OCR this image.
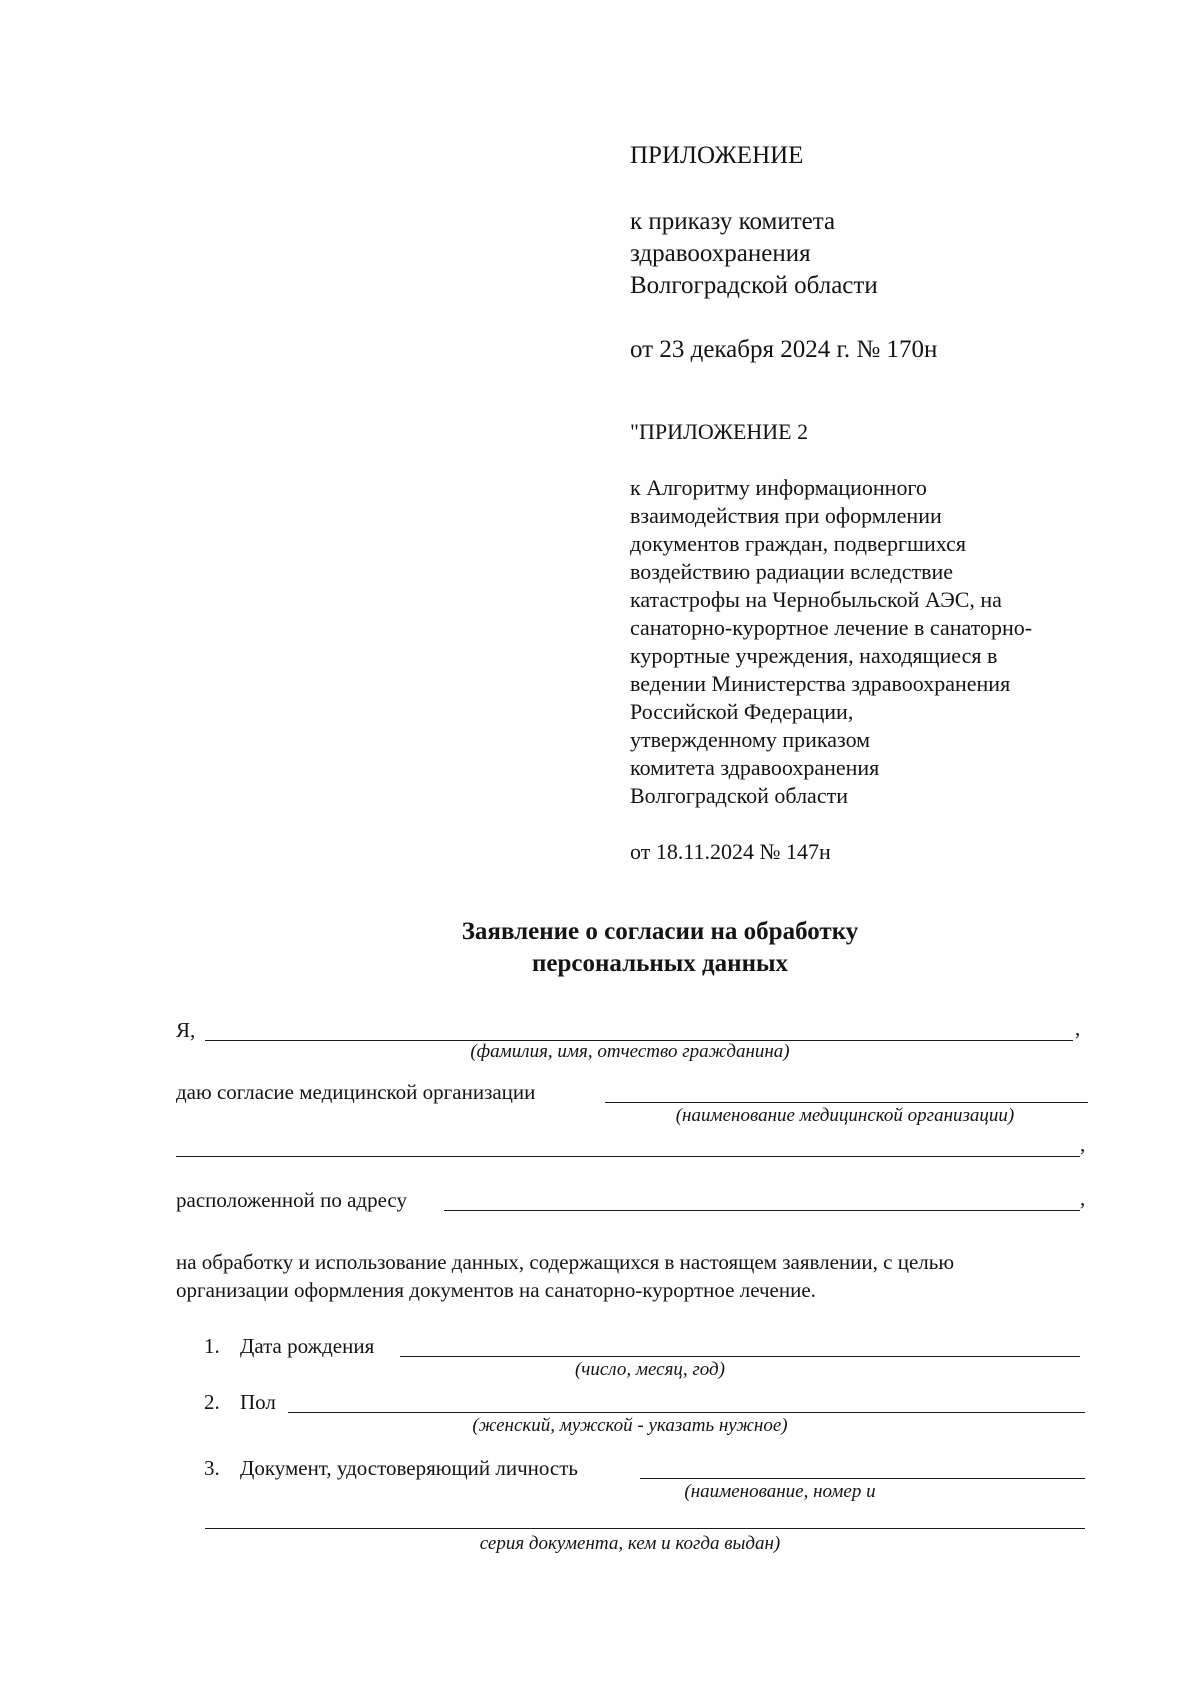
ПРИЛОЖЕНИЕ
к приказу комитета
здравоохранения
Волгоградской области
от 23 декабря 2024 г. № 170н
"ПРИЛОЖЕНИЕ 2
к Алгоритму информационного
взаимодействия при оформлении
документов граждан, подвергшихся
воздействию радиации вследствие
катастрофы на Чернобыльской АЭС, на
санаторно-курортное лечение в санаторно-
курортные учреждения, находящиеся в
ведении Министерства здравоохранения
Российской Федерации,
утвержденному приказом
комитета здравоохранения
Волгоградской области
от 18.11.2024 № 147н
Заявление о согласии на обработку
персональных данных
Я,	,
(фамилия, имя, отчество гражданина)
даю согласие медицинской организации
(наименование медицинской организации)
,
расположенной по адресу	,
на обработку и использование данных, содержащихся в настоящем заявлении, с целью
организации оформления документов на санаторно-курортное лечение.
1. Дата рождения
(число, месяц, год)
2. Пол
(женский, мужской - указать нужное)
3. Документ, удостоверяющий личность
(наименование, номер и
серия документа, кем и когда выдан)
